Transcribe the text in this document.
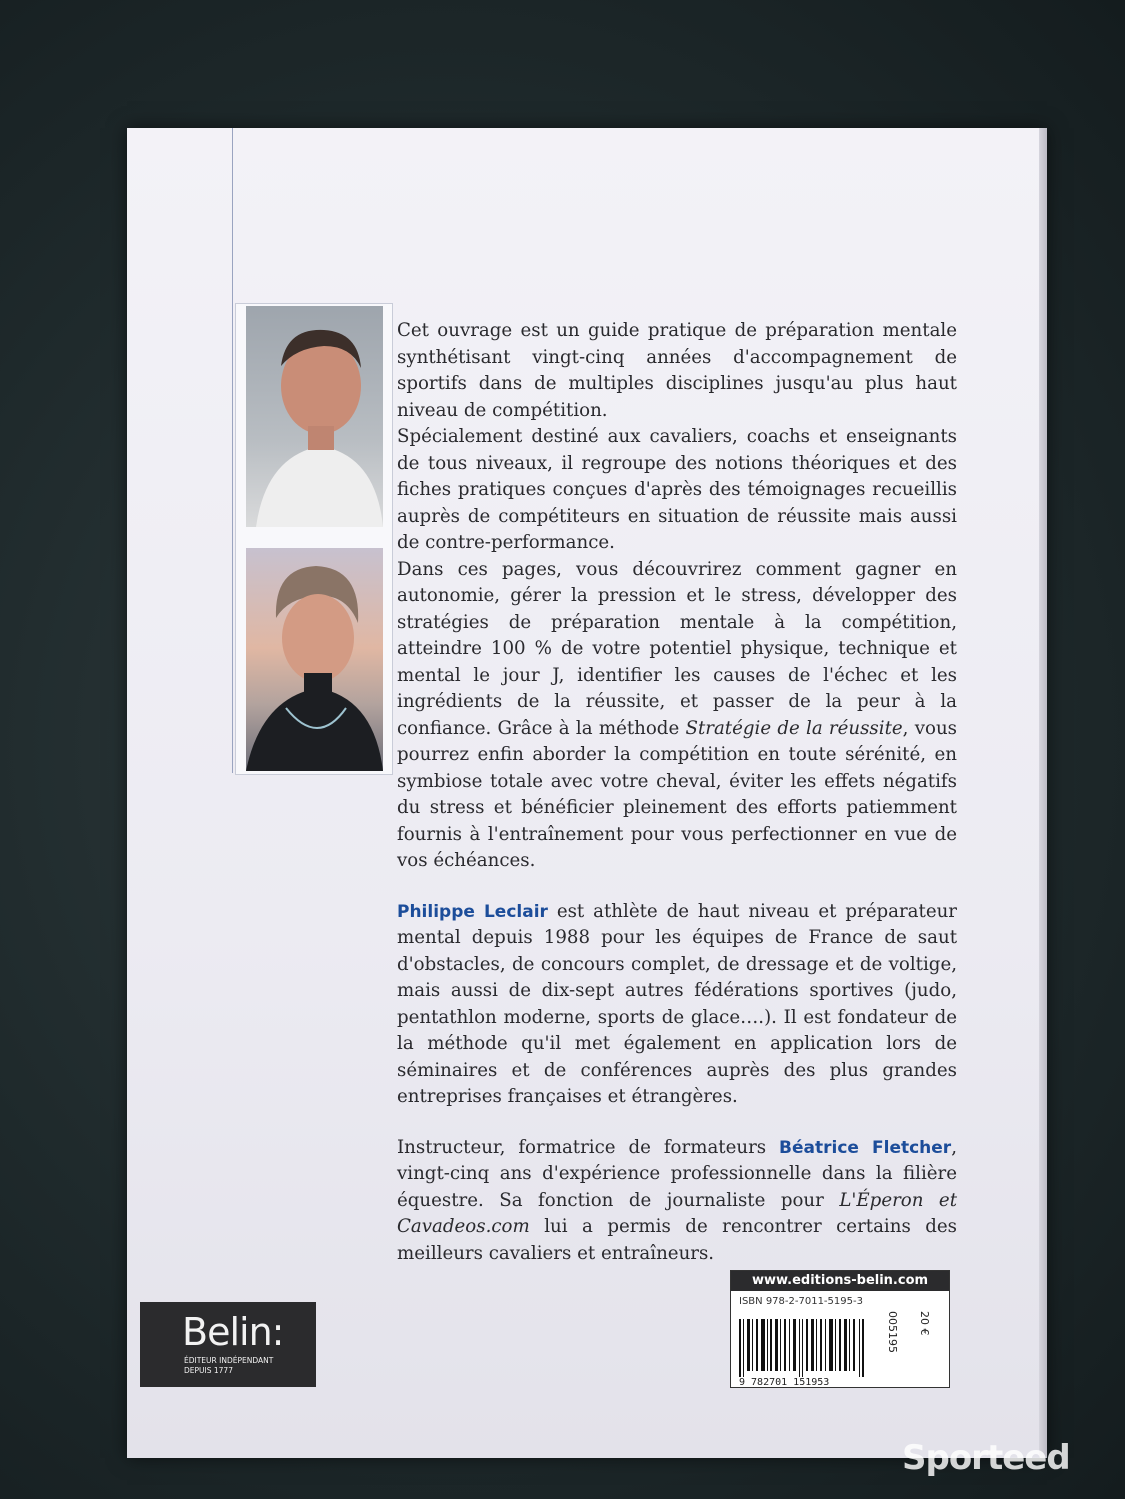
Cet ouvrage est un guide pratique de préparation mentale synthétisant vingt-cinq années d'accompagnement de sportifs dans de multiples disciplines jusqu'au plus haut niveau de compétition.

Spécialement destiné aux cavaliers, coachs et enseignants de tous niveaux, il regroupe des notions théoriques et des fiches pratiques conçues d'après des témoignages recueillis auprès de compétiteurs en situation de réussite mais aussi de contre-performance.

Dans ces pages, vous découvrirez comment gagner en autonomie, gérer la pression et le stress, développer des stratégies de préparation mentale à la compétition, atteindre 100 % de votre potentiel physique, technique et mental le jour J, identifier les causes de l'échec et les ingrédients de la réussite, et passer de la peur à la confiance. Grâce à la méthode Stratégie de la réussite, vous pourrez enfin aborder la compétition en toute sérénité, en symbiose totale avec votre cheval, éviter les effets négatifs du stress et bénéficier pleinement des efforts patiemment fournis à l'entraînement pour vous perfectionner en vue de vos échéances.

Philippe Leclair est athlète de haut niveau et préparateur mental depuis 1988 pour les équipes de France de saut d'obstacles, de concours complet, de dressage et de voltige, mais aussi de dix-sept autres fédérations sportives (judo, pentathlon moderne, sports de glace….). Il est fondateur de la méthode qu'il met également en application lors de séminaires et de conférences auprès des plus grandes entreprises françaises et étrangères.

Instructeur, formatrice de formateurs Béatrice Fletcher, vingt-cinq ans d'expérience professionnelle dans la filière équestre. Sa fonction de journaliste pour L'Éperon et Cavadeos.com lui a permis de rencontrer certains des meilleurs cavaliers et entraîneurs.

Belin:
ÉDITEUR INDÉPENDANT
DEPUIS 1777
www.editions-belin.com
ISBN 978-2-7011-5195-3
9 782701 151953
005195 20 €
Sporteed
